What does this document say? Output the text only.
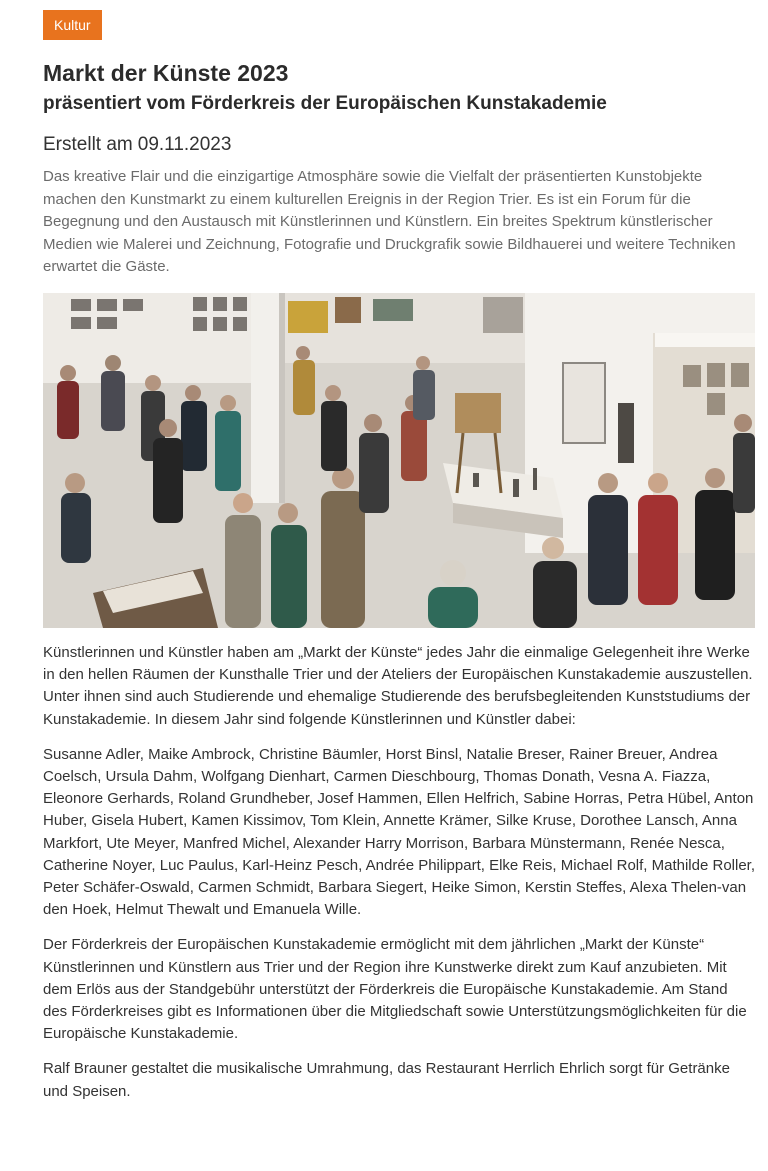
Kultur
Markt der Künste 2023
präsentiert vom Förderkreis der Europäischen Kunstakademie
Erstellt am 09.11.2023

Das kreative Flair und die einzigartige Atmosphäre sowie die Vielfalt der präsentierten Kunstobjekte machen den Kunstmarkt zu einem kulturellen Ereignis in der Region Trier. Es ist ein Forum für die Begegnung und den Austausch mit Künstlerinnen und Künstlern. Ein breites Spektrum künstlerischer Medien wie Malerei und Zeichnung, Fotografie und Druckgrafik sowie Bildhauerei und weitere Techniken erwartet die Gäste.

Künstlerinnen und Künstler haben am „Markt der Künste“ jedes Jahr die einmalige Gelegenheit ihre Werke in den hellen Räumen der Kunsthalle Trier und der Ateliers der Europäischen Kunstakademie auszustellen. Unter ihnen sind auch Studierende und ehemalige Studierende des berufsbegleitenden Kunststudiums der Kunstakademie. In diesem Jahr sind folgende Künstlerinnen und Künstler dabei:

Susanne Adler, Maike Ambrock, Christine Bäumler, Horst Binsl, Natalie Breser, Rainer Breuer, Andrea Coelsch, Ursula Dahm, Wolfgang Dienhart, Carmen Dieschbourg, Thomas Donath, Vesna A. Fiazza, Eleonore Gerhards, Roland Grundheber, Josef Hammen, Ellen Helfrich, Sabine Horras, Petra Hübel, Anton Huber, Gisela Hubert, Kamen Kissimov, Tom Klein, Annette Krämer, Silke Kruse, Dorothee Lansch, Anna Markfort, Ute Meyer, Manfred Michel, Alexander Harry Morrison, Barbara Münstermann, Renée Nesca, Catherine Noyer, Luc Paulus, Karl-Heinz Pesch, Andrée Philippart, Elke Reis, Michael Rolf, Mathilde Roller, Peter Schäfer-Oswald, Carmen Schmidt, Barbara Siegert, Heike Simon, Kerstin Steffes, Alexa Thelen-van den Hoek, Helmut Thewalt und Emanuela Wille.

Der Förderkreis der Europäischen Kunstakademie ermöglicht mit dem jährlichen „Markt der Künste“ Künstlerinnen und Künstlern aus Trier und der Region ihre Kunstwerke direkt zum Kauf anzubieten. Mit dem Erlös aus der Standgebühr unterstützt der Förderkreis die Europäische Kunstakademie. Am Stand des Förderkreises gibt es Informationen über die Mitgliedschaft sowie Unterstützungsmöglichkeiten für die Europäische Kunstakademie.

Ralf Brauner gestaltet die musikalische Umrahmung, das Restaurant Herrlich Ehrlich sorgt für Getränke und Speisen.
